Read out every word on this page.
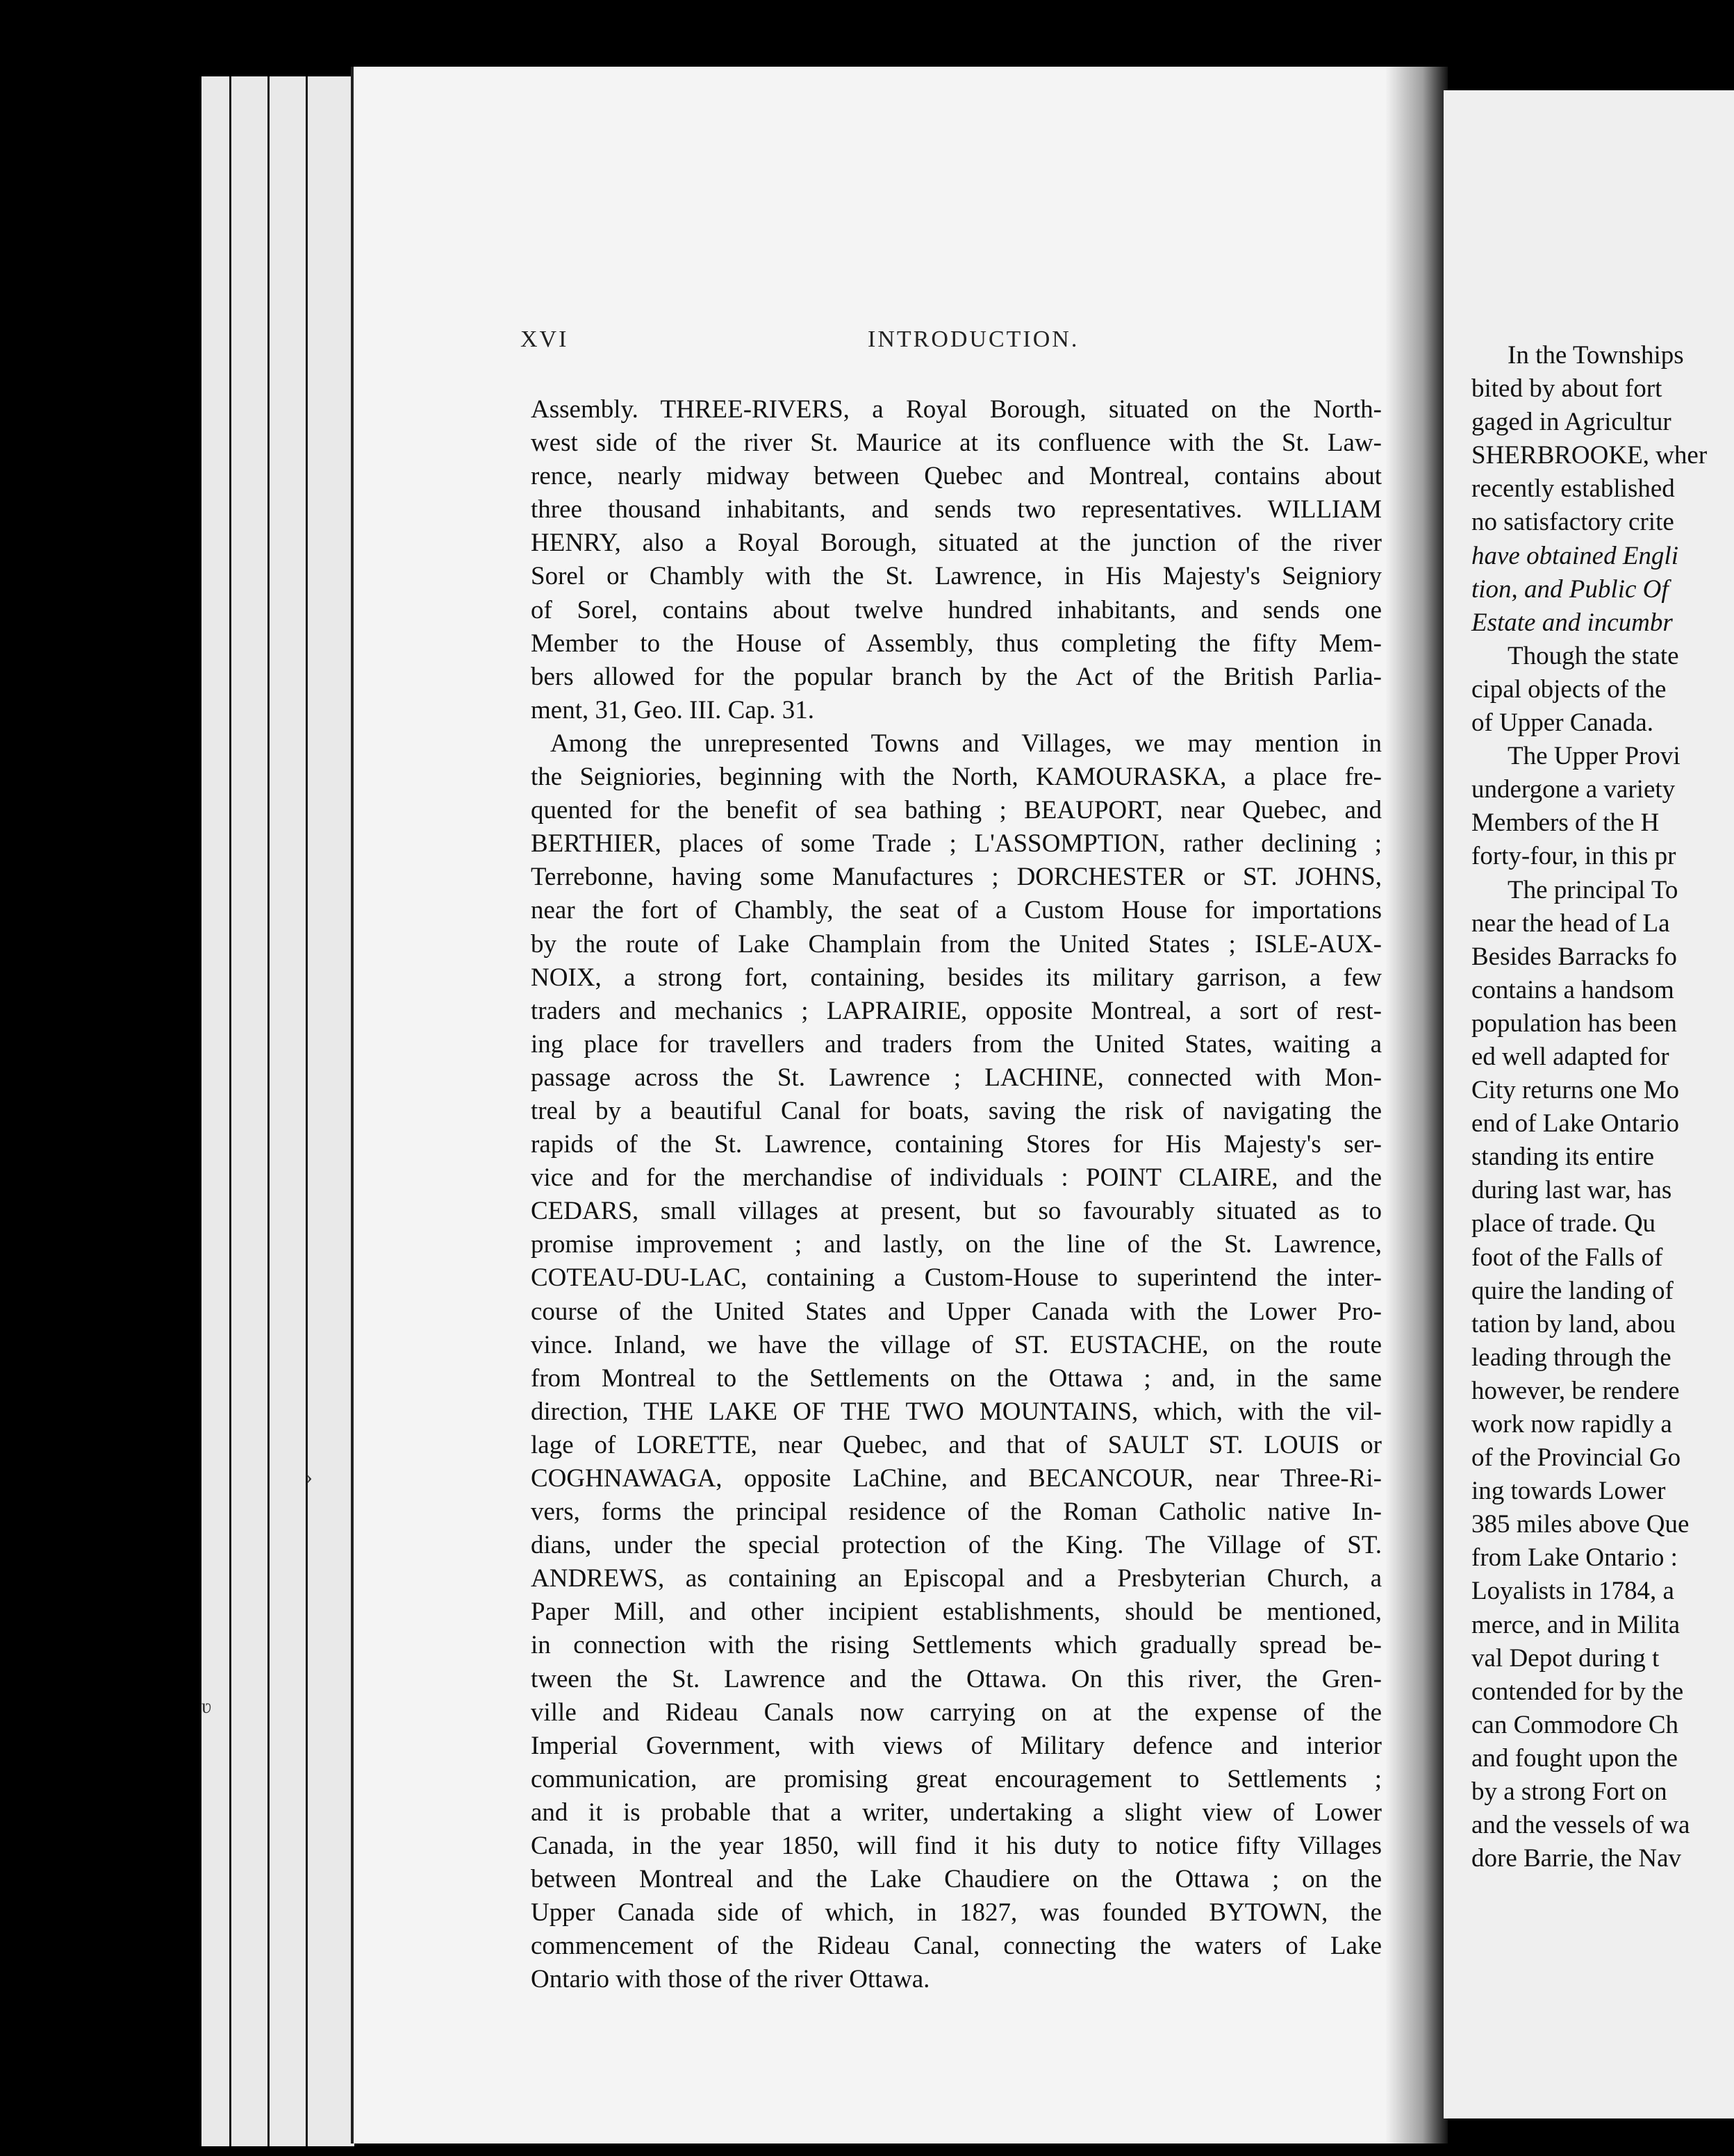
›
ʋ
XVI	INTRODUCTION.
Assembly. THREE-RIVERS, a Royal Borough, situated on the North-
west side of the river St. Maurice at its confluence with the St. Law-
rence, nearly midway between Quebec and Montreal, contains about
three thousand inhabitants, and sends two representatives. WILLIAM
HENRY, also a Royal Borough, situated at the junction of the river
Sorel or Chambly with the St. Lawrence, in His Majesty's Seigniory
of Sorel, contains about twelve hundred inhabitants, and sends one
Member to the House of Assembly, thus completing the fifty Mem-
bers allowed for the popular branch by the Act of the British Parlia-
ment, 31, Geo. III. Cap. 31.
Among the unrepresented Towns and Villages, we may mention in
the Seigniories, beginning with the North, KAMOURASKA, a place fre-
quented for the benefit of sea bathing ; BEAUPORT, near Quebec, and
BERTHIER, places of some Trade ; L'ASSOMPTION, rather declining ;
Terrebonne, having some Manufactures ; DORCHESTER or ST. JOHNS,
near the fort of Chambly, the seat of a Custom House for importations
by the route of Lake Champlain from the United States ; ISLE-AUX-
NOIX, a strong fort, containing, besides its military garrison, a few
traders and mechanics ; LAPRAIRIE, opposite Montreal, a sort of rest-
ing place for travellers and traders from the United States, waiting a
passage across the St. Lawrence ; LACHINE, connected with Mon-
treal by a beautiful Canal for boats, saving the risk of navigating the
rapids of the St. Lawrence, containing Stores for His Majesty's ser-
vice and for the merchandise of individuals : POINT CLAIRE, and the
CEDARS, small villages at present, but so favourably situated as to
promise improvement ; and lastly, on the line of the St. Lawrence,
COTEAU-DU-LAC, containing a Custom-House to superintend the inter-
course of the United States and Upper Canada with the Lower Pro-
vince. Inland, we have the village of ST. EUSTACHE, on the route
from Montreal to the Settlements on the Ottawa ; and, in the same
direction, THE LAKE OF THE TWO MOUNTAINS, which, with the vil-
lage of LORETTE, near Quebec, and that of SAULT ST. LOUIS or
COGHNAWAGA, opposite LaChine, and BECANCOUR, near Three-Ri-
vers, forms the principal residence of the Roman Catholic native In-
dians, under the special protection of the King. The Village of ST.
ANDREWS, as containing an Episcopal and a Presbyterian Church, a
Paper Mill, and other incipient establishments, should be mentioned,
in connection with the rising Settlements which gradually spread be-
tween the St. Lawrence and the Ottawa. On this river, the Gren-
ville and Rideau Canals now carrying on at the expense of the
Imperial Government, with views of Military defence and interior
communication, are promising great encouragement to Settlements ;
and it is probable that a writer, undertaking a slight view of Lower
Canada, in the year 1850, will find it his duty to notice fifty Villages
between Montreal and the Lake Chaudiere on the Ottawa ; on the
Upper Canada side of which, in 1827, was founded BYTOWN, the
commencement of the Rideau Canal, connecting the waters of Lake
Ontario with those of the river Ottawa.
In the Townships
bited by about fort
gaged in Agricultur
SHERBROOKE, wher
recently established
no satisfactory crite
have obtained Engli
tion, and Public Of
Estate and incumbr
Though the state
cipal objects of the
of Upper Canada.
The Upper Provi
undergone a variety
Members of the H
forty-four, in this pr
The principal To
near the head of La
Besides Barracks fo
contains a handsom
population has been
ed well adapted for
City returns one Mo
end of Lake Ontario
standing its entire
during last war, has
place of trade. Qu
foot of the Falls of
quire the landing of
tation by land, abou
leading through the
however, be rendere
work now rapidly a
of the Provincial Go
ing towards Lower
385 miles above Que
from Lake Ontario :
Loyalists in 1784, a
merce, and in Milita
val Depot during t
contended for by the
can Commodore Ch
and fought upon the
by a strong Fort on
and the vessels of wa
dore Barrie, the Nav
